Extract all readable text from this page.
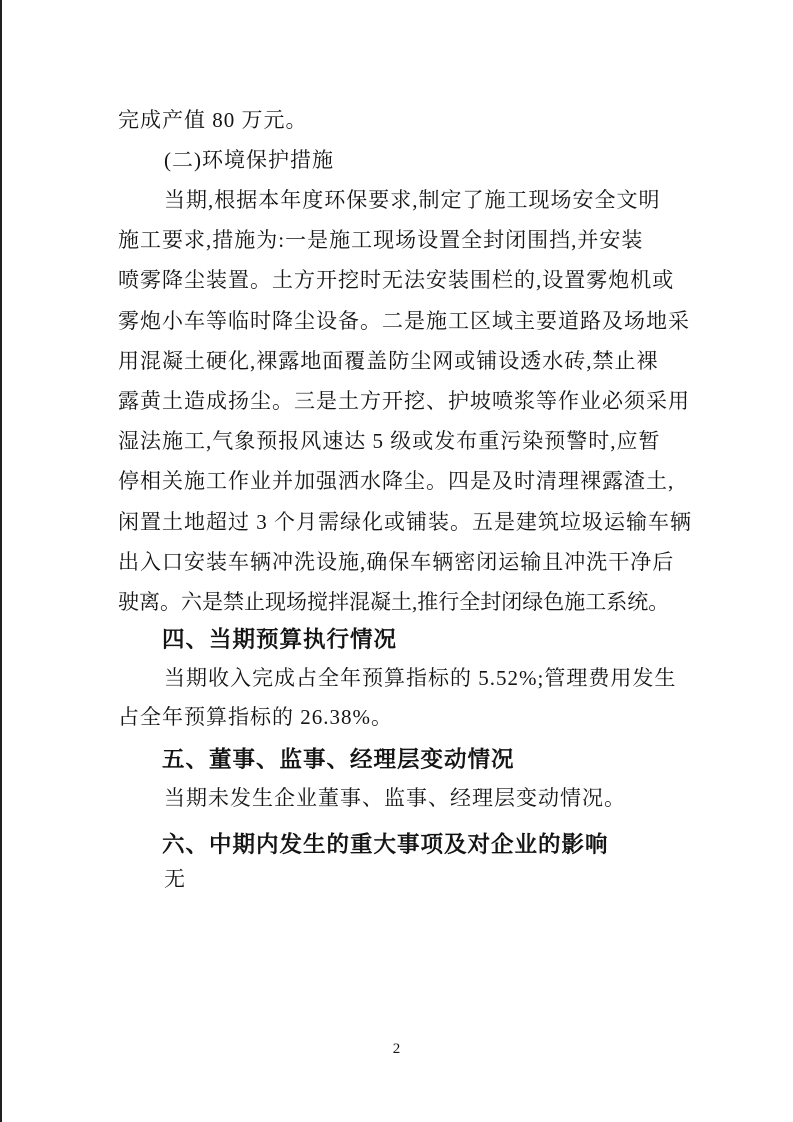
完成产值 80 万元。
(二)环境保护措施
当期,根据本年度环保要求,制定了施工现场安全文明
施工要求,措施为:一是施工现场设置全封闭围挡,并安装
喷雾降尘装置。土方开挖时无法安装围栏的,设置雾炮机或
雾炮小车等临时降尘设备。二是施工区域主要道路及场地采
用混凝土硬化,裸露地面覆盖防尘网或铺设透水砖,禁止裸
露黄土造成扬尘。三是土方开挖、护坡喷浆等作业必须采用
湿法施工,气象预报风速达 5 级或发布重污染预警时,应暂
停相关施工作业并加强洒水降尘。四是及时清理裸露渣土,
闲置土地超过 3 个月需绿化或铺装。五是建筑垃圾运输车辆
出入口安装车辆冲洗设施,确保车辆密闭运输且冲洗干净后
驶离。六是禁止现场搅拌混凝土,推行全封闭绿色施工系统。
四、当期预算执行情况
当期收入完成占全年预算指标的 5.52%;管理费用发生
占全年预算指标的 26.38%。
五、董事、监事、经理层变动情况
当期未发生企业董事、监事、经理层变动情况。
六、中期内发生的重大事项及对企业的影响
无
2
